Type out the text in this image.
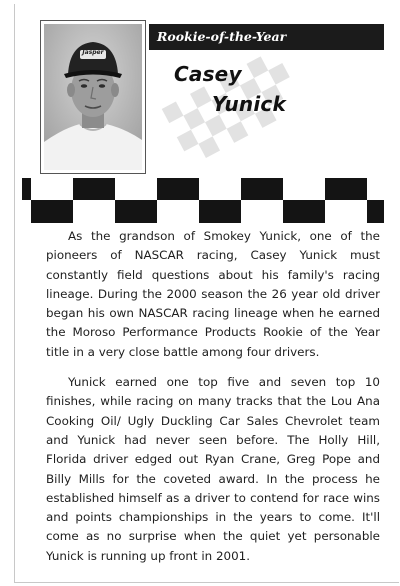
Jasper
Rookie-of-the-Year
Casey
Yunick

As the grandson of Smokey Yunick, one of the pioneers of NASCAR racing, Casey Yunick must constantly field questions about his family's racing lineage. During the 2000 season the 26 year old driver began his own NASCAR racing lineage when he earned the Moroso Performance Products Rookie of the Year title in a very close battle among four drivers.

Yunick earned one top five and seven top 10 finishes, while racing on many tracks that the Lou Ana Cooking Oil/ Ugly Duckling Car Sales Chevrolet team and Yunick had never seen before. The Holly Hill, Florida driver edged out Ryan Crane, Greg Pope and Billy Mills for the coveted award. In the process he established himself as a driver to contend for race wins and points championships in the years to come. It'll come as no surprise when the quiet yet personable Yunick is running up front in 2001.
